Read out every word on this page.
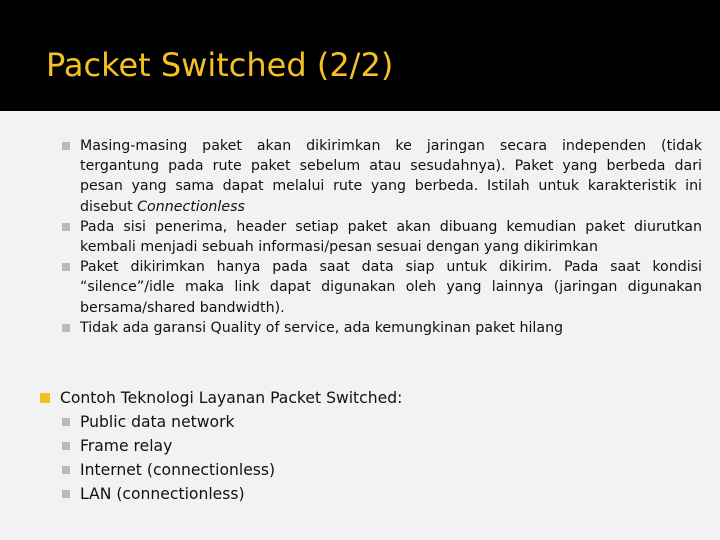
Packet Switched (2/2)
Masing-masing paket akan dikirimkan ke jaringan secara independen (tidak tergantung pada rute paket sebelum atau sesudahnya). Paket yang berbeda dari pesan yang sama dapat melalui rute yang berbeda. Istilah untuk karakteristik ini disebut Connectionless
Pada sisi penerima, header setiap paket akan dibuang kemudian paket diurutkan kembali menjadi sebuah informasi/pesan sesuai dengan yang dikirimkan
Paket dikirimkan hanya pada saat data siap untuk dikirim. Pada saat kondisi “silence”/idle maka link dapat digunakan oleh yang lainnya (jaringan digunakan bersama/shared bandwidth).
Tidak ada garansi Quality of service, ada kemungkinan paket hilang
Contoh Teknologi Layanan Packet Switched:
Public data network
Frame relay
Internet (connectionless)
LAN (connectionless)
